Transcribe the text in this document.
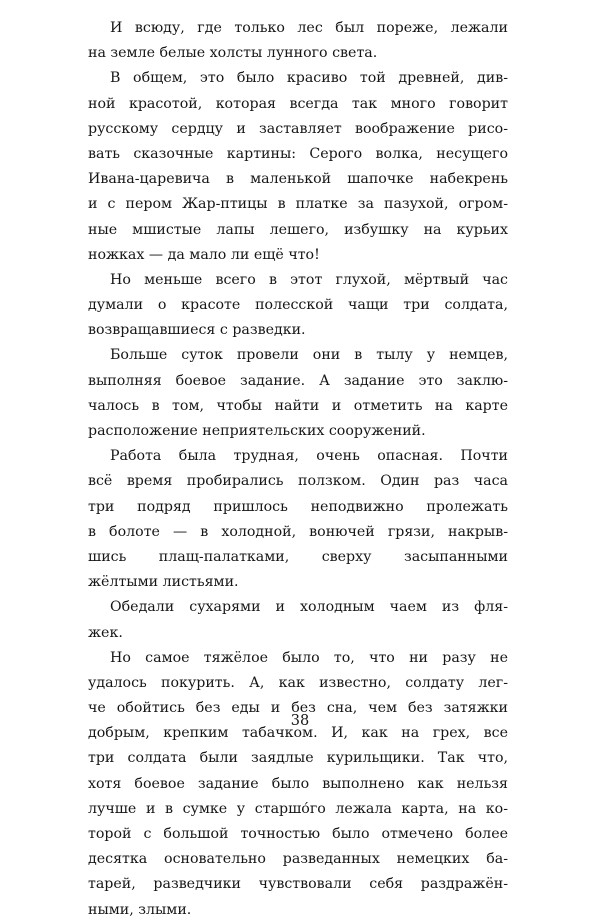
И всюду, где только лес был пореже, лежали
на земле белые холсты лунного света.
В общем, это было красиво той древней, див-
ной красотой, которая всегда так много говорит
русскому сердцу и заставляет воображение рисо-
вать сказочные картины: Серого волка, несущего
Ивана-царевича в маленькой шапочке набекрень
и с пером Жар-птицы в платке за пазухой, огром-
ные мшистые лапы лешего, избушку на курьих
ножках — да мало ли ещё что!
Но меньше всего в этот глухой, мёртвый час
думали о красоте полесской чащи три солдата,
возвращавшиеся с разведки.
Больше суток провели они в тылу у немцев,
выполняя боевое задание. А задание это заклю-
чалось в том, чтобы найти и отметить на карте
расположение неприятельских сооружений.
Работа была трудная, очень опасная. Почти
всё время пробирались ползком. Один раз часа
три подряд пришлось неподвижно пролежать
в болоте — в холодной, вонючей грязи, накрыв-
шись плащ-палатками, сверху засыпанными
жёлтыми листьями.
Обедали сухарями и холодным чаем из фля-
жек.
Но самое тяжёлое было то, что ни разу не
удалось покурить. А, как известно, солдату лег-
че обойтись без еды и без сна, чем без затяжки
добрым, крепким табачком. И, как на грех, все
три солдата были заядлые курильщики. Так что,
хотя боевое задание было выполнено как нельзя
лучше и в сумке у старшо́го лежала карта, на ко-
торой с большой точностью было отмечено более
десятка основательно разведанных немецких ба-
тарей, разведчики чувствовали себя раздражён-
ными, злыми.
38
